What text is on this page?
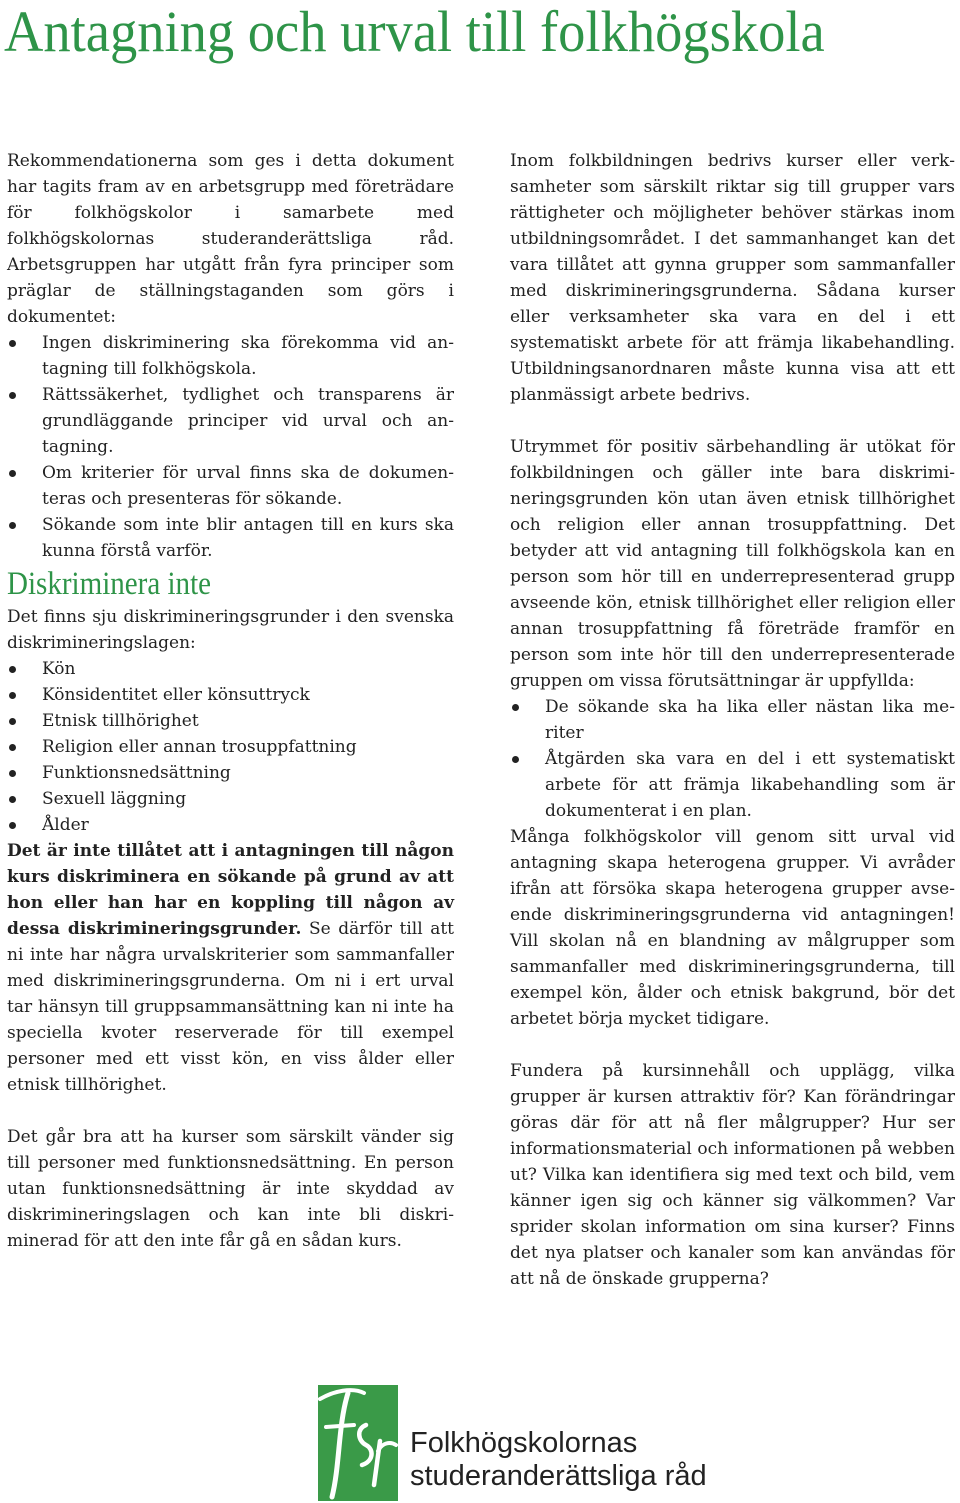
Antagning och urval till folkhögskola

Rekommendationerna som ges i detta dokument har tagits fram av en arbetsgrupp med företrädare för folkhögskolor i samarbete med folkhögskolornas studeranderättsliga råd. Arbetsgruppen har utgått från fyra principer som präglar de ställningstaganden som görs i dokumentet:

Ingen diskriminering ska förekomma vid antagning till folkhögskola.
Rättssäkerhet, tydlighet och transparens är grundläggande principer vid urval och antagning.
Om kriterier för urval finns ska de dokumenteras och presenteras för sökande.
Sökande som inte blir antagen till en kurs ska kunna förstå varför.
Diskriminera inte

Det finns sju diskrimineringsgrunder i den svenska diskrimineringslagen:

Kön
Könsidentitet eller könsuttryck
Etnisk tillhörighet
Religion eller annan trosuppfattning
Funktionsnedsättning
Sexuell läggning
Ålder

Det är inte tillåtet att i antagningen till någon kurs diskriminera en sökande på grund av att hon eller han har en koppling till någon av dessa diskrimineringsgrunder. Se därför till att ni inte har några urvalskriterier som sammanfaller med diskrimineringsgrunderna. Om ni i ert urval tar hänsyn till gruppsammansättning kan ni inte ha speciella kvoter reserverade för till exempel personer med ett visst kön, en viss ålder eller etnisk tillhörighet.

Det går bra att ha kurser som särskilt vänder sig till personer med funktionsnedsättning. En person utan funktionsnedsättning är inte skyddad av diskrimineringslagen och kan inte bli diskriminerad för att den inte får gå en sådan kurs.

Inom folkbildningen bedrivs kurser eller verksamheter som särskilt riktar sig till grupper vars rättigheter och möjligheter behöver stärkas inom utbildningsområdet. I det sammanhanget kan det vara tillåtet att gynna grupper som sammanfaller med diskrimineringsgrunderna. Sådana kurser eller verksamheter ska vara en del i ett systematiskt arbete för att främja likabehandling. Utbildningsanordnaren måste kunna visa att ett planmässigt arbete bedrivs.

Utrymmet för positiv särbehandling är utökat för folkbildningen och gäller inte bara diskrimineringsgrunden kön utan även etnisk tillhörighet och religion eller annan trosuppfattning. Det betyder att vid antagning till folkhögskola kan en person som hör till en underrepresenterad grupp avseende kön, etnisk tillhörighet eller religion eller annan trosuppfattning få företräde framför en person som inte hör till den underrepresenterade gruppen om vissa förutsättningar är uppfyllda:

De sökande ska ha lika eller nästan lika meriter
Åtgärden ska vara en del i ett systematiskt arbete för att främja likabehandling som är dokumenterat i en plan.

Många folkhögskolor vill genom sitt urval vid antagning skapa heterogena grupper. Vi avråder ifrån att försöka skapa heterogena grupper avseende diskrimineringsgrunderna vid antagningen! Vill skolan nå en blandning av målgrupper som sammanfaller med diskrimineringsgrunderna, till exempel kön, ålder och etnisk bakgrund, bör det arbetet börja mycket tidigare.

Fundera på kursinnehåll och upplägg, vilka grupper är kursen attraktiv för? Kan förändringar göras där för att nå fler målgrupper? Hur ser informationsmaterial och informationen på webben ut? Vilka kan identifiera sig med text och bild, vem känner igen sig och känner sig välkommen? Var sprider skolan information om sina kurser? Finns det nya platser och kanaler som kan användas för att nå de önskade grupperna?

Folkhögskolornas
studeranderättsliga råd
